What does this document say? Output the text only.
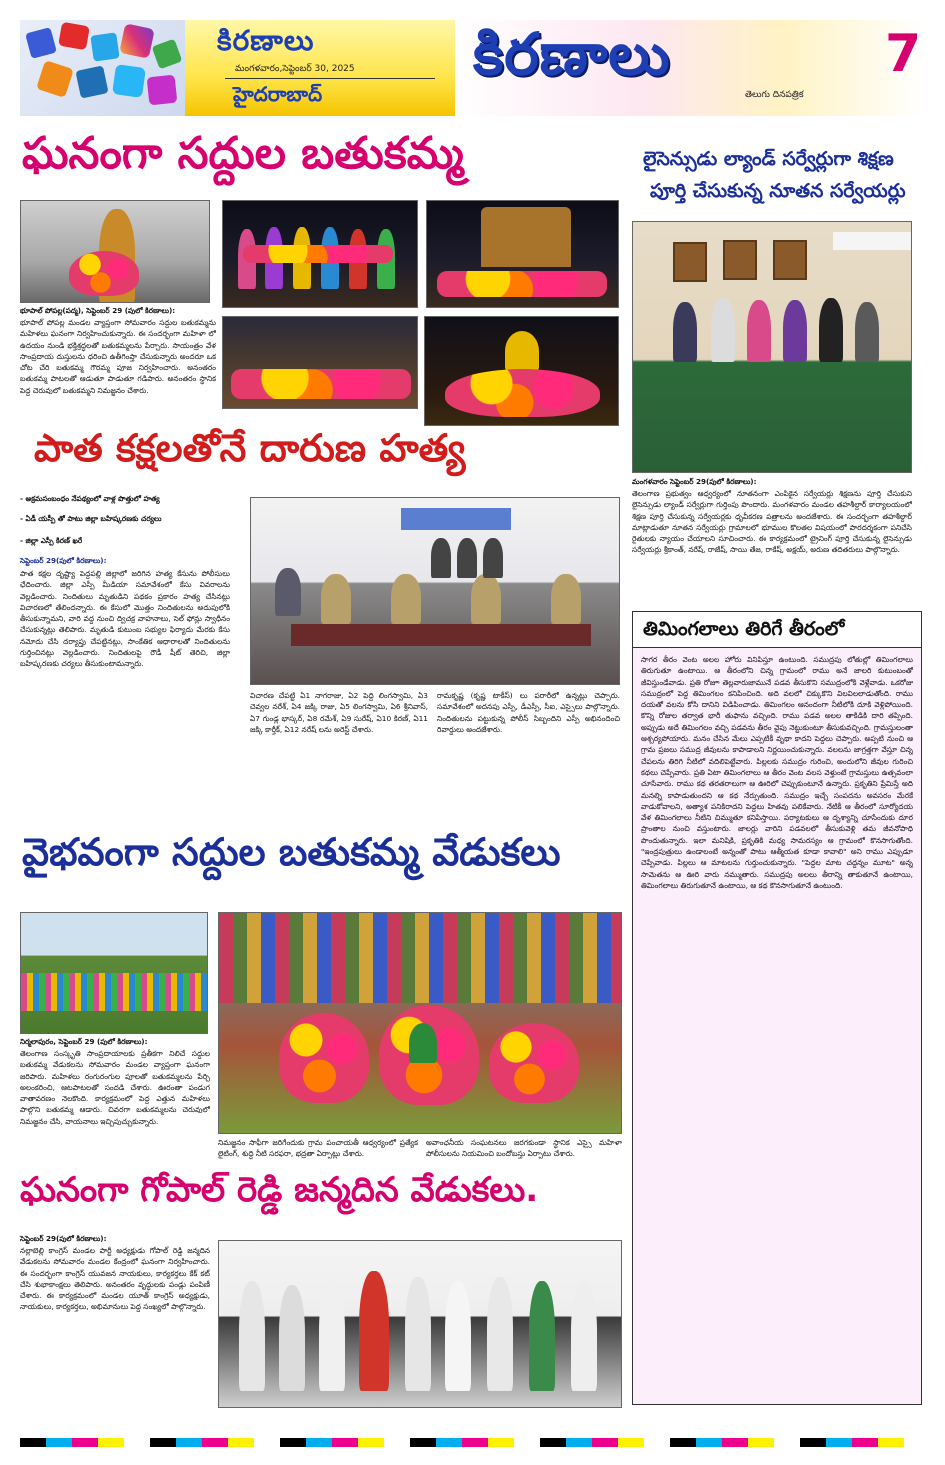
కిరణాలు
మంగళవారం,సెప్టెంబర్ 30, 2025
హైదరాబాద్
కిరణాలు
తెలుగు దినపత్రిక
7
ఘనంగా సద్దుల బతుకమ్మ
భూపాల్ పోపల్ల(పద్మ), సెప్టెంబర్ 29 (పులో కిరణాలు):
భూపాల్ పోపల్ల మండల వ్యాప్తంగా సోమవారం సద్దుల బతుకమ్మను మహిళలు ఘనంగా నిర్వహించుకున్నారు. ఈ సందర్భంగా మహిళా లో ఉదయం నుండి భక్తిశ్రద్ధలతో బతుకమ్మలను పేర్చారు. సాయంత్రం వేళ సాంప్రదాయ దుస్తులను ధరించి ఉతీగింప్తా చేసుకున్నారు అందరూ ఒక చోట చేరి బతుకమ్మ గౌరమ్మ పూజ నిర్వహించారు. అనంతరం బతుకమ్మ పాటలతో ఆడుతూ పాడుతూ గడిపారు. అనంతరం స్థానిక పెద్ద చెరువులో బతుకమ్మని నిమజ్జనం చేశారు.
లైసెన్సుడు ల్యాండ్ సర్వేర్లుగా శిక్షణ
పూర్తి చేసుకున్న నూతన సర్వేయర్లు
మంగళవారం సెప్టెంబర్ 29(పులో కిరణాలు):
తెలంగాణ ప్రభుత్వం ఆధ్వర్యంలో నూతనంగా ఎంపికైన సర్వేయర్లు శిక్షణను పూర్తి చేసుకుని లైసెన్సుడు ల్యాండ్ సర్వేర్లుగా గుర్తింపు పొందారు. మంగళవారం మండల తహశీల్దార్ కార్యాలయంలో శిక్షణ పూర్తి చేసుకున్న సర్వేయర్లకు ధృవీకరణ పత్రాలను అందజేశారు. ఈ సందర్భంగా తహశీల్దార్ మాట్లాడుతూ నూతన సర్వేయర్లు గ్రామాలలో భూముల కొలతల విషయంలో పారదర్శకంగా పనిచేసి రైతులకు న్యాయం చేయాలని సూచించారు. ఈ కార్యక్రమంలో ట్రైనింగ్ పూర్తి చేసుకున్న లైసెన్సుడు సర్వేయర్లు శ్రీకాంత్, నరేష్, రాజేష్, సాయి తేజ, రాకేష్, అక్షయ్, అరుణ తదితరులు పాల్గొన్నారు.
పాత కక్షలతోనే దారుణ హత్య
- అక్రమసంబంధం నేపథ్యంలో వాళ్ల పొత్తులో హత్య
- ఏడీ యస్పీ తో పాటు జిల్లా బహిష్కరణకు చర్యలు
- జిల్లా ఎస్పీ కిరణ్ ఖరే
సెప్టెంబర్ 29(పులో కిరణాలు):
పాత కక్షల దృష్ట్యా పెద్దపల్లి జిల్లాలో జరిగిన హత్య కేసును పోలీసులు ఛేదించారు. జిల్లా ఎస్పీ మీడియా సమావేశంలో కేసు వివరాలను వెల్లడించారు. నిందితులు మృతుడిని పథకం ప్రకారం హత్య చేసినట్లు విచారణలో తేలిందన్నారు. ఈ కేసులో మొత్తం నిందితులను అదుపులోకి తీసుకున్నామని, వారి వద్ద నుంచి ద్విచక్ర వాహనాలు, సెల్ ఫోన్లు స్వాధీనం చేసుకున్నట్లు తెలిపారు. మృతుడి కుటుంబ సభ్యుల ఫిర్యాదు మేరకు కేసు నమోదు చేసి దర్యాప్తు చేపట్టినట్లు, సాంకేతిక ఆధారాలతో నిందితులను గుర్తించినట్లు వెల్లడించారు. నిందితులపై రౌడీ షీట్ తెరిచి, జిల్లా బహిష్కరణకు చర్యలు తీసుకుంటామన్నారు.
విచారణ చేపట్టి ఏ1 నాగరాజు, ఏ2 పెద్ది లింగస్వామి, ఏ3 చెవ్వల నరేశ్, ఏ4 జక్కి రాజు, ఏ5 లింగస్వామి, ఏ6 శ్రీనివాస్, ఏ7 గుండ్ల భాస్కర్, ఏ8 రమేశ్, ఏ9 సురేష్, ఏ10 కిరణ్, ఏ11 జక్కి కార్తీక్, ఏ12 నరేష్ లను అరెస్ట్ చేశారు.
రామకృష్ణ (కృష్ణ టాకీస్) లు పరారీలో ఉన్నట్లు చెప్పారు. సమావేశంలో అదనపు ఎస్పీ, డీఎస్పీ, సీఐ, ఎస్సైలు పాల్గొన్నారు. నిందితులను పట్టుకున్న పోలీస్ సిబ్బందిని ఎస్పీ అభినందించి రివార్డులు అందజేశారు.
తిమింగలాలు తిరిగే తీరంలో
సాగర తీరం వెంట అలల హోరు వినిపిస్తూ ఉంటుంది. సముద్రపు లోతుల్లో తిమింగలాలు తిరుగుతూ ఉంటాయి. ఆ తీరంలోని చిన్న గ్రామంలో రాము అనే జాలరి కుటుంబంతో జీవిస్తుండేవాడు. ప్రతి రోజూ తెల్లవారుజామునే పడవ తీసుకొని సముద్రంలోకి వెళ్లేవాడు. ఒకరోజు సముద్రంలో పెద్ద తిమింగలం కనిపించింది. అది వలలో చిక్కుకొని విలవిలలాడుతోంది. రాము దయతో వలను కోసి దానిని విడిపించాడు. తిమింగలం ఆనందంగా నీటిలోకి దూకి వెళ్లిపోయింది. కొన్ని రోజుల తర్వాత భారీ తుఫాను వచ్చింది. రాము పడవ అలల తాకిడికి దారి తప్పింది. అప్పుడు అదే తిమింగలం వచ్చి పడవను తీరం వైపు నెట్టుకుంటూ తీసుకువచ్చింది. గ్రామస్తులంతా ఆశ్చర్యపోయారు. మనం చేసిన మేలు ఎప్పటికీ వృథా కాదని పెద్దలు చెప్పారు. అప్పటి నుంచి ఆ గ్రామ ప్రజలు సముద్ర జీవులను కాపాడాలని నిర్ణయించుకున్నారు. వలలను జాగ్రత్తగా వేస్తూ చిన్న చేపలను తిరిగి నీటిలో వదిలిపెట్టేవారు. పిల్లలకు సముద్రం గురించి, అందులోని జీవుల గురించి కథలు చెప్పేవారు. ప్రతి ఏటా తిమింగలాలు ఆ తీరం వెంట వలస వెళ్తుంటే గ్రామస్తులు ఉత్సవంలా చూసేవారు. రాము కథ తరతరాలుగా ఆ ఊరిలో చెప్పుకుంటూనే ఉన్నారు. ప్రకృతిని ప్రేమిస్తే అది మనల్ని కాపాడుతుందని ఆ కథ నేర్పుతుంది. సముద్రం ఇచ్చే సంపదను అవసరం మేరకే వాడుకోవాలని, అత్యాశ పనికిరాదని పెద్దలు హితవు పలికేవారు. నేటికీ ఆ తీరంలో సూర్యోదయ వేళ తిమింగలాలు నీటిని చిమ్ముతూ కనిపిస్తాయి. పర్యాటకులు ఆ దృశ్యాన్ని చూసేందుకు దూర ప్రాంతాల నుంచి వస్తుంటారు. జాలర్లు వారిని పడవలలో తీసుకువెళ్లి తమ జీవనోపాధి పొందుతున్నారు. ఇలా మనిషికి, ప్రకృతికి మధ్య సామరస్యం ఆ గ్రామంలో కొనసాగుతోంది. "ఇంద్రపుత్రులు ఉండాలంటే అన్నంతో పాటు ఆత్మీయత కూడా కావాలి" అని రాము ఎప్పుడూ చెప్పేవాడు. పిల్లలు ఆ మాటలను గుర్తుంచుకున్నారు. "పెద్దల మాట చద్దన్నం మూట" అన్న సామెతను ఆ ఊరి వారు నమ్ముతారు. సముద్రపు అలలు తీరాన్ని తాకుతూనే ఉంటాయి, తిమింగలాలు తిరుగుతూనే ఉంటాయి, ఆ కథ కొనసాగుతూనే ఉంటుంది.
వైభవంగా సద్దుల బతుకమ్మ వేడుకలు
నిర్మలాపురం, సెప్టెంబర్ 29 (పులో కిరణాలు):
తెలంగాణ సంస్కృతి సాంప్రదాయాలకు ప్రతీకగా నిలిచే సద్దుల బతుకమ్మ వేడుకలను సోమవారం మండల వ్యాప్తంగా ఘనంగా జరిపారు. మహిళలు రంగురంగుల పూలతో బతుకమ్మలను పేర్చి అలంకరించి, ఆటపాటలతో సందడి చేశారు. ఊరంతా పండుగ వాతావరణం నెలకొంది. కార్యక్రమంలో పెద్ద ఎత్తున మహిళలు పాల్గొని బతుకమ్మ ఆడారు. చివరగా బతుకమ్మలను చెరువులో నిమజ్జనం చేసి, వాయనాలు ఇచ్చిపుచ్చుకున్నారు.
నిమజ్జనం సాఫీగా జరిగేందుకు గ్రామ పంచాయతీ ఆధ్వర్యంలో ప్రత్యేక లైటింగ్, శుద్ధి నీటి సరఫరా, భద్రతా ఏర్పాట్లు చేశారు.
అవాంఛనీయ సంఘటనలు జరగకుండా స్థానిక ఎస్సై మహిళా పోలీసులను నియమించి బందోబస్తు ఏర్పాటు చేశారు.
ఘనంగా గోపాల్ రెడ్డి జన్మదిన వేడుకలు.
సెప్టెంబర్ 29(పులో కిరణాలు):
నల్లాబెల్లి కాంగ్రెస్ మండల పార్టీ అధ్యక్షుడు గోపాల్ రెడ్డి జన్మదిన వేడుకలను సోమవారం మండల కేంద్రంలో ఘనంగా నిర్వహించారు. ఈ సందర్భంగా కాంగ్రెస్ యువజన నాయకులు, కార్యకర్తలు కేక్ కట్ చేసి శుభాకాంక్షలు తెలిపారు. అనంతరం వృద్ధులకు పండ్లు పంపిణీ చేశారు. ఈ కార్యక్రమంలో మండల యూత్ కాంగ్రెస్ అధ్యక్షుడు, నాయకులు, కార్యకర్తలు, అభిమానులు పెద్ద సంఖ్యలో పాల్గొన్నారు.
